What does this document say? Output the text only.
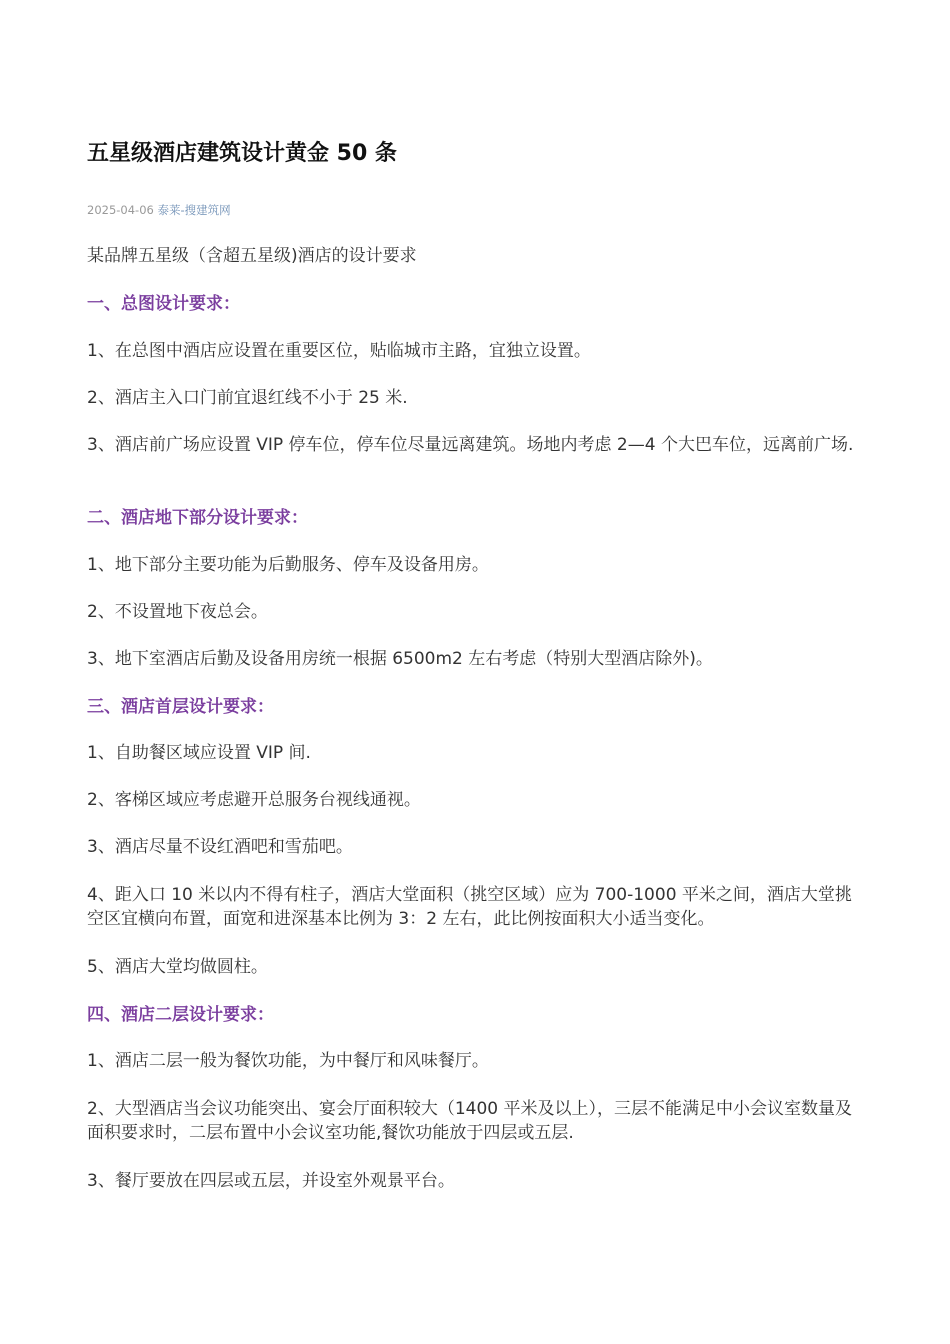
五星级酒店建筑设计黄金 50 条
2025-04-06 泰莱-搜建筑网

某品牌五星级（含超五星级)酒店的设计要求

一、总图设计要求：

1、在总图中酒店应设置在重要区位，贴临城市主路，宜独立设置。

2、酒店主入口门前宜退红线不小于 25 米.

3、酒店前广场应设置 VIP 停车位，停车位尽量远离建筑。场地内考虑 2—4 个大巴车位，远离前广场.

二、酒店地下部分设计要求：

1、地下部分主要功能为后勤服务、停车及设备用房。

2、不设置地下夜总会。

3、地下室酒店后勤及设备用房统一根据 6500m2 左右考虑（特别大型酒店除外)。

三、酒店首层设计要求：

1、自助餐区域应设置 VIP 间.

2、客梯区域应考虑避开总服务台视线通视。

3、酒店尽量不设红酒吧和雪茄吧。

4、距入口 10 米以内不得有柱子，酒店大堂面积（挑空区域）应为 700-1000 平米之间，酒店大堂挑空区宜横向布置，面宽和进深基本比例为 3：2 左右，此比例按面积大小适当变化。

5、酒店大堂均做圆柱。

四、酒店二层设计要求：

1、酒店二层一般为餐饮功能，为中餐厅和风味餐厅。

2、大型酒店当会议功能突出、宴会厅面积较大（1400 平米及以上），三层不能满足中小会议室数量及面积要求时，二层布置中小会议室功能,餐饮功能放于四层或五层.

3、餐厅要放在四层或五层，并设室外观景平台。
